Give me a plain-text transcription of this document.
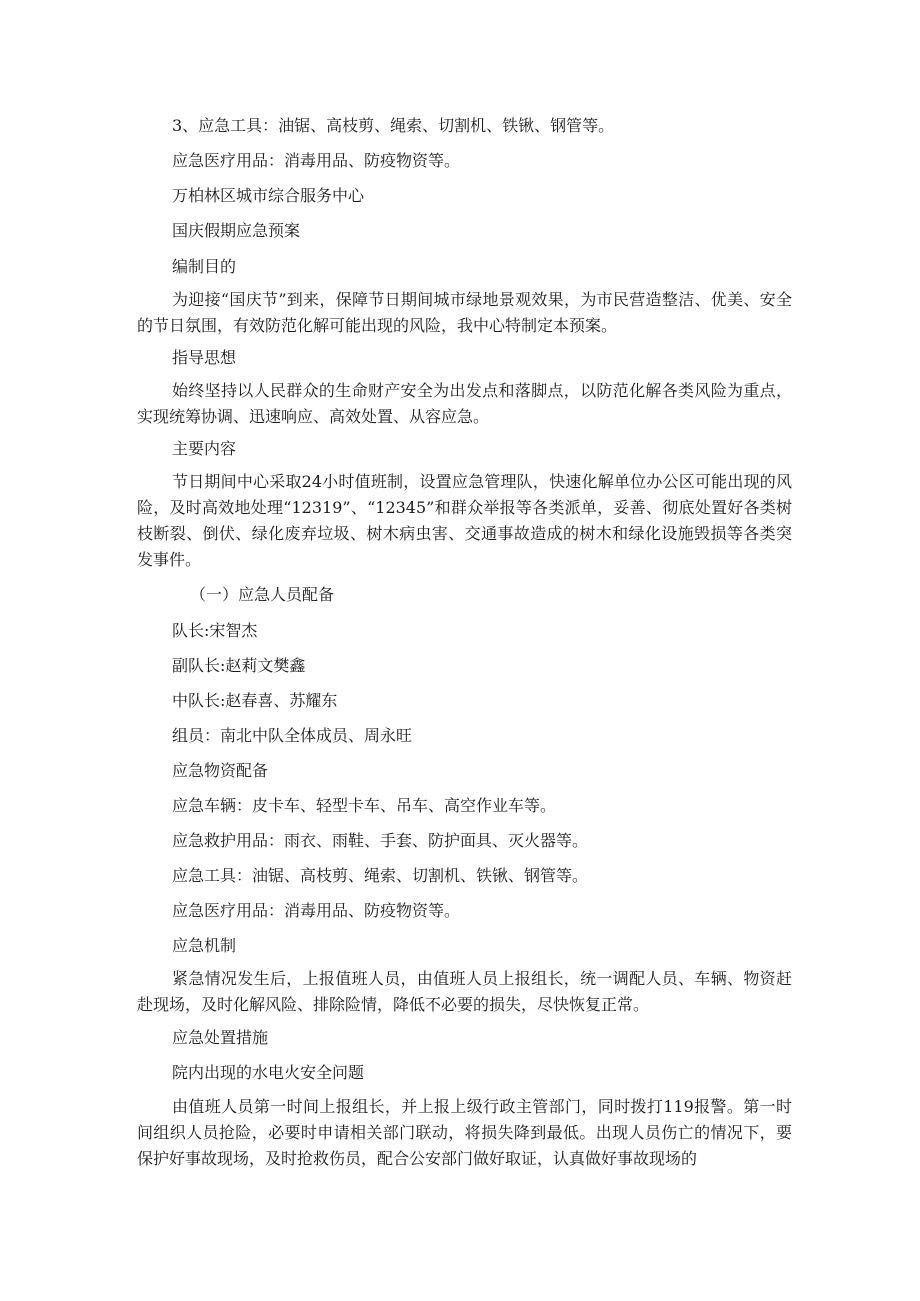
3、应急工具：油锯、高枝剪、绳索、切割机、铁锹、钢管等。

应急医疗用品：消毒用品、防疫物资等。

万柏林区城市综合服务中心

国庆假期应急预案

编制目的

为迎接“国庆节”到来，保障节日期间城市绿地景观效果，为市民营造整洁、优美、安全的节日氛围，有效防范化解可能出现的风险，我中心特制定本预案。

指导思想

始终坚持以人民群众的生命财产安全为出发点和落脚点，以防范化解各类风险为重点，实现统筹协调、迅速响应、高效处置、从容应急。

主要内容

节日期间中心采取24小时值班制，设置应急管理队，快速化解单位办公区可能出现的风险，及时高效地处理“12319”、“12345”和群众举报等各类派单，妥善、彻底处置好各类树枝断裂、倒伏、绿化废弃垃圾、树木病虫害、交通事故造成的树木和绿化设施毁损等各类突发事件。

（一）应急人员配备

队长:宋智杰

副队长:赵莉文樊鑫

中队长:赵春喜、苏耀东

组员：南北中队全体成员、周永旺

应急物资配备

应急车辆：皮卡车、轻型卡车、吊车、高空作业车等。

应急救护用品：雨衣、雨鞋、手套、防护面具、灭火器等。

应急工具：油锯、高枝剪、绳索、切割机、铁锹、钢管等。

应急医疗用品：消毒用品、防疫物资等。

应急机制

紧急情况发生后，上报值班人员，由值班人员上报组长，统一调配人员、车辆、物资赶赴现场，及时化解风险、排除险情，降低不必要的损失，尽快恢复正常。

应急处置措施

院内出现的水电火安全问题

由值班人员第一时间上报组长，并上报上级行政主管部门，同时拨打119报警。第一时间组织人员抢险，必要时申请相关部门联动，将损失降到最低。出现人员伤亡的情况下，要保护好事故现场，及时抢救伤员，配合公安部门做好取证，认真做好事故现场的
